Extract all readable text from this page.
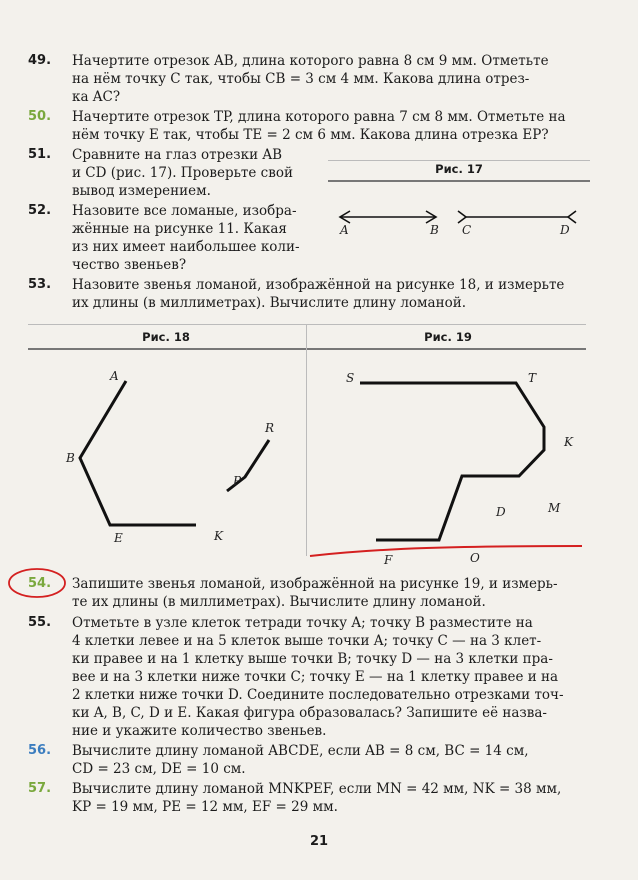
49. Начертите отрезок AB, длина которого равна 8 см 9 мм. Отметьте
на нём точку C так, чтобы CB = 3 см 4 мм. Какова длина отрез-
ка AC?
50. Начертите отрезок TP, длина которого равна 7 см 8 мм. Отметьте на
нём точку E так, чтобы TE = 2 см 6 мм. Какова длина отрезка EP?
51. Сравните на глаз отрезки AB
и CD (рис. 17). Проверьте свой
вывод измерением.
52. Назовите все ломаные, изобра-
жённые на рисунке 11. Какая
из них имеет наибольшее коли-
чество звеньев?
Рис. 17
A	B C	D
53. Назовите звенья ломаной, изображённой на рисунке 18, и измерьте
их длины (в миллиметрах). Вычислите длину ломаной.
Рис. 18	Рис. 19
A
B
E	K
P
R
S	T
K
M
D
O
F
54. Запишите звенья ломаной, изображённой на рисунке 19, и измерь-
те их длины (в миллиметрах). Вычислите длину ломаной.
55. Отметьте в узле клеток тетради точку A; точку B разместите на
4 клетки левее и на 5 клеток выше точки A; точку C — на 3 клет-
ки правее и на 1 клетку выше точки B; точку D — на 3 клетки пра-
вее и на 3 клетки ниже точки C; точку E — на 1 клетку правее и на
2 клетки ниже точки D. Соедините последовательно отрезками точ-
ки A, B, C, D и E. Какая фигура образовалась? Запишите её назва-
ние и укажите количество звеньев.
56. Вычислите длину ломаной ABCDE, если AB = 8 см, BC = 14 см,
CD = 23 см, DE = 10 см.
57. Вычислите длину ломаной MNKPEF, если MN = 42 мм, NK = 38 мм,
KP = 19 мм, PE = 12 мм, EF = 29 мм.
21
